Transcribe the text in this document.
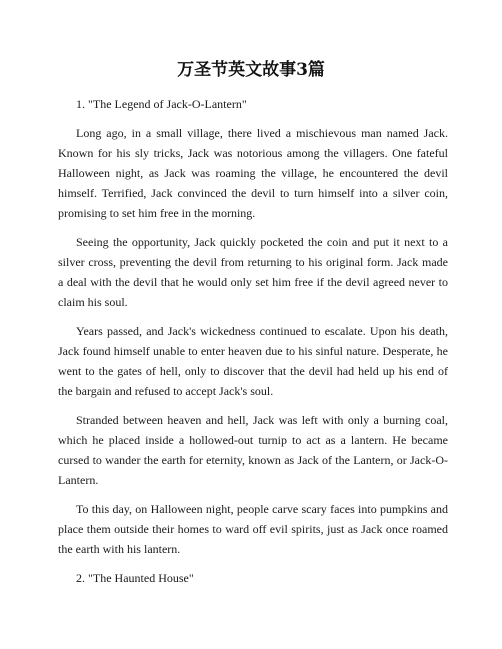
万圣节英文故事3篇

1. "The Legend of Jack-O-Lantern"

Long ago, in a small village, there lived a mischievous man named Jack. Known for his sly tricks, Jack was notorious among the villagers. One fateful Halloween night, as Jack was roaming the village, he encountered the devil himself. Terrified, Jack convinced the devil to turn himself into a silver coin, promising to set him free in the morning.

Seeing the opportunity, Jack quickly pocketed the coin and put it next to a silver cross, preventing the devil from returning to his original form. Jack made a deal with the devil that he would only set him free if the devil agreed never to claim his soul.

Years passed, and Jack's wickedness continued to escalate. Upon his death, Jack found himself unable to enter heaven due to his sinful nature. Desperate, he went to the gates of hell, only to discover that the devil had held up his end of the bargain and refused to accept Jack's soul.

Stranded between heaven and hell, Jack was left with only a burning coal, which he placed inside a hollowed-out turnip to act as a lantern. He became cursed to wander the earth for eternity, known as Jack of the Lantern, or Jack-O-Lantern.

To this day, on Halloween night, people carve scary faces into pumpkins and place them outside their homes to ward off evil spirits, just as Jack once roamed the earth with his lantern.

2. "The Haunted House"
